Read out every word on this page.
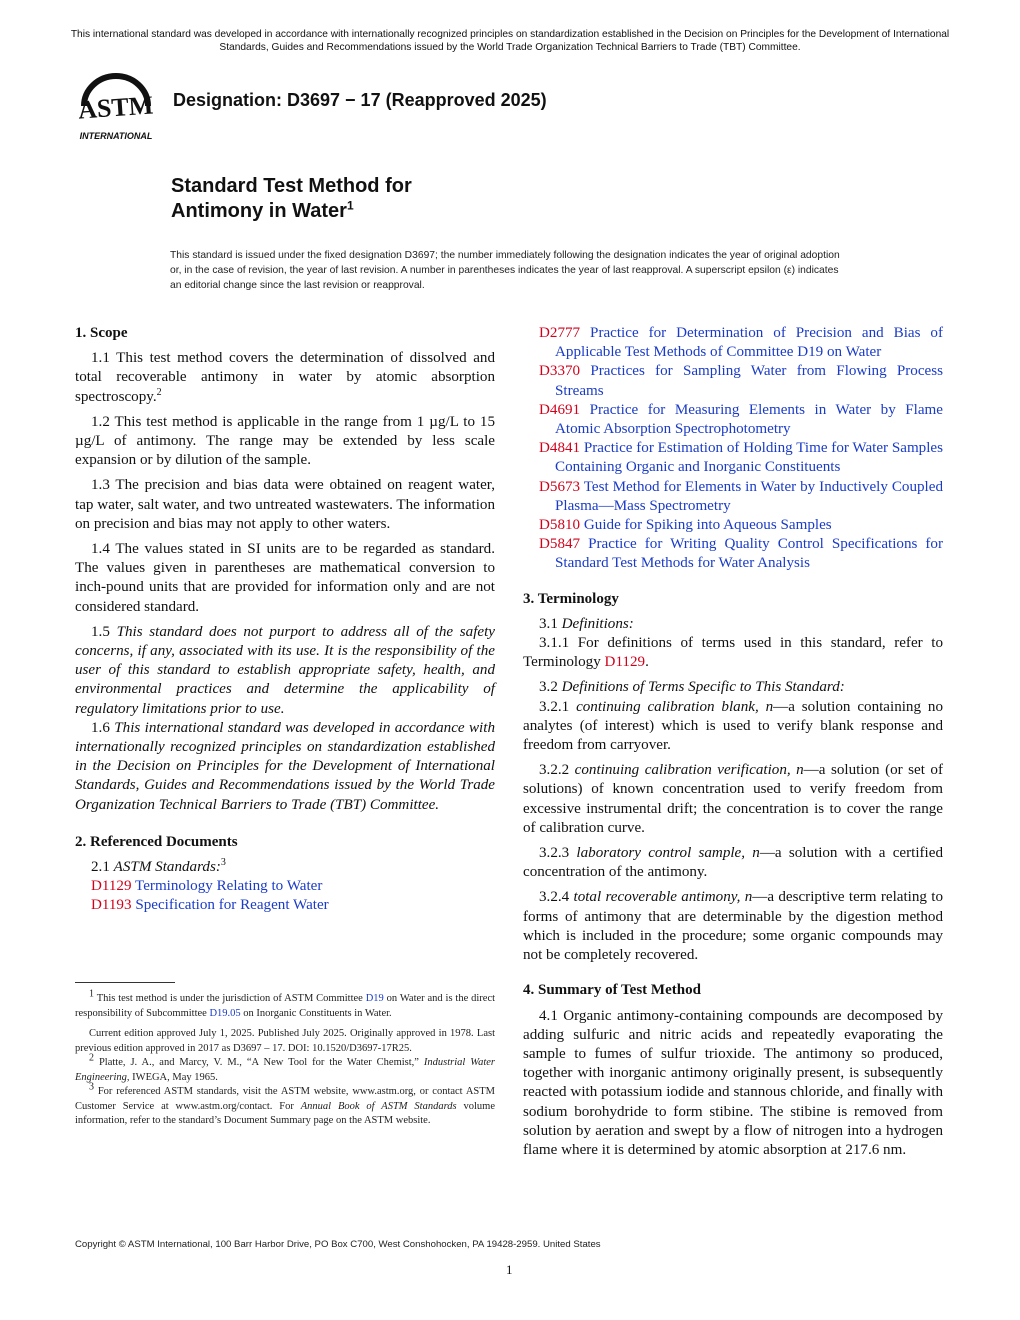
This international standard was developed in accordance with internationally recognized principles on standardization established in the Decision on Principles for the Development of International Standards, Guides and Recommendations issued by the World Trade Organization Technical Barriers to Trade (TBT) Committee.
ASTM
INTERNATIONAL
Designation: D3697 − 17 (Reapproved 2025)
Standard Test Method for
Antimony in Water$^1$
This standard is issued under the fixed designation D3697; the number immediately following the designation indicates the year of original adoption or, in the case of revision, the year of last revision. A number in parentheses indicates the year of last reapproval. A superscript epsilon (ε) indicates an editorial change since the last revision or reapproval.
1. Scope

1.1 This test method covers the determination of dissolved and total recoverable antimony in water by atomic absorption spectroscopy.$^2$

1.2 This test method is applicable in the range from 1 µg/L to 15 µg/L of antimony. The range may be extended by less scale expansion or by dilution of the sample.

1.3 The precision and bias data were obtained on reagent water, tap water, salt water, and two untreated wastewaters. The information on precision and bias may not apply to other waters.

1.4 The values stated in SI units are to be regarded as standard. The values given in parentheses are mathematical conversion to inch-pound units that are provided for information only and are not considered standard.

1.5 This standard does not purport to address all of the safety concerns, if any, associated with its use. It is the responsibility of the user of this standard to establish appropriate safety, health, and environmental practices and determine the applicability of regulatory limitations prior to use.

1.6 This international standard was developed in accordance with internationally recognized principles on standardization established in the Decision on Principles for the Development of International Standards, Guides and Recommendations issued by the World Trade Organization Technical Barriers to Trade (TBT) Committee.

2. Referenced Documents

2.1 ASTM Standards:$^3$

D1129 Terminology Relating to Water
D1193 Specification for Reagent Water

$^1$ This test method is under the jurisdiction of ASTM Committee D19 on Water and is the direct responsibility of Subcommittee D19.05 on Inorganic Constituents in Water.

Current edition approved July 1, 2025. Published July 2025. Originally approved in 1978. Last previous edition approved in 2017 as D3697 – 17. DOI: 10.1520/D3697-17R25.

$^2$ Platte, J. A., and Marcy, V. M., “A New Tool for the Water Chemist,” Industrial Water Engineering, IWEGA, May 1965.

$^3$ For referenced ASTM standards, visit the ASTM website, www.astm.org, or contact ASTM Customer Service at www.astm.org/contact. For Annual Book of ASTM Standards volume information, refer to the standard’s Document Summary page on the ASTM website.

D2777 Practice for Determination of Precision and Bias of Applicable Test Methods of Committee D19 on Water
D3370 Practices for Sampling Water from Flowing Process Streams
D4691 Practice for Measuring Elements in Water by Flame Atomic Absorption Spectrophotometry
D4841 Practice for Estimation of Holding Time for Water Samples Containing Organic and Inorganic Constituents
D5673 Test Method for Elements in Water by Inductively Coupled Plasma—Mass Spectrometry
D5810 Guide for Spiking into Aqueous Samples
D5847 Practice for Writing Quality Control Specifications for Standard Test Methods for Water Analysis
3. Terminology

3.1 Definitions:

3.1.1 For definitions of terms used in this standard, refer to Terminology D1129.

3.2 Definitions of Terms Specific to This Standard:

3.2.1 continuing calibration blank, n—a solution containing no analytes (of interest) which is used to verify blank response and freedom from carryover.

3.2.2 continuing calibration verification, n—a solution (or set of solutions) of known concentration used to verify freedom from excessive instrumental drift; the concentration is to cover the range of calibration curve.

3.2.3 laboratory control sample, n—a solution with a certified concentration of the antimony.

3.2.4 total recoverable antimony, n—a descriptive term relating to forms of antimony that are determinable by the digestion method which is included in the procedure; some organic compounds may not be completely recovered.

4. Summary of Test Method

4.1 Organic antimony-containing compounds are decomposed by adding sulfuric and nitric acids and repeatedly evaporating the sample to fumes of sulfur trioxide. The antimony so produced, together with inorganic antimony originally present, is subsequently reacted with potassium iodide and stannous chloride, and finally with sodium borohydride to form stibine. The stibine is removed from solution by aeration and swept by a flow of nitrogen into a hydrogen flame where it is determined by atomic absorption at 217.6 nm.

Copyright © ASTM International, 100 Barr Harbor Drive, PO Box C700, West Conshohocken, PA 19428-2959. United States
1
